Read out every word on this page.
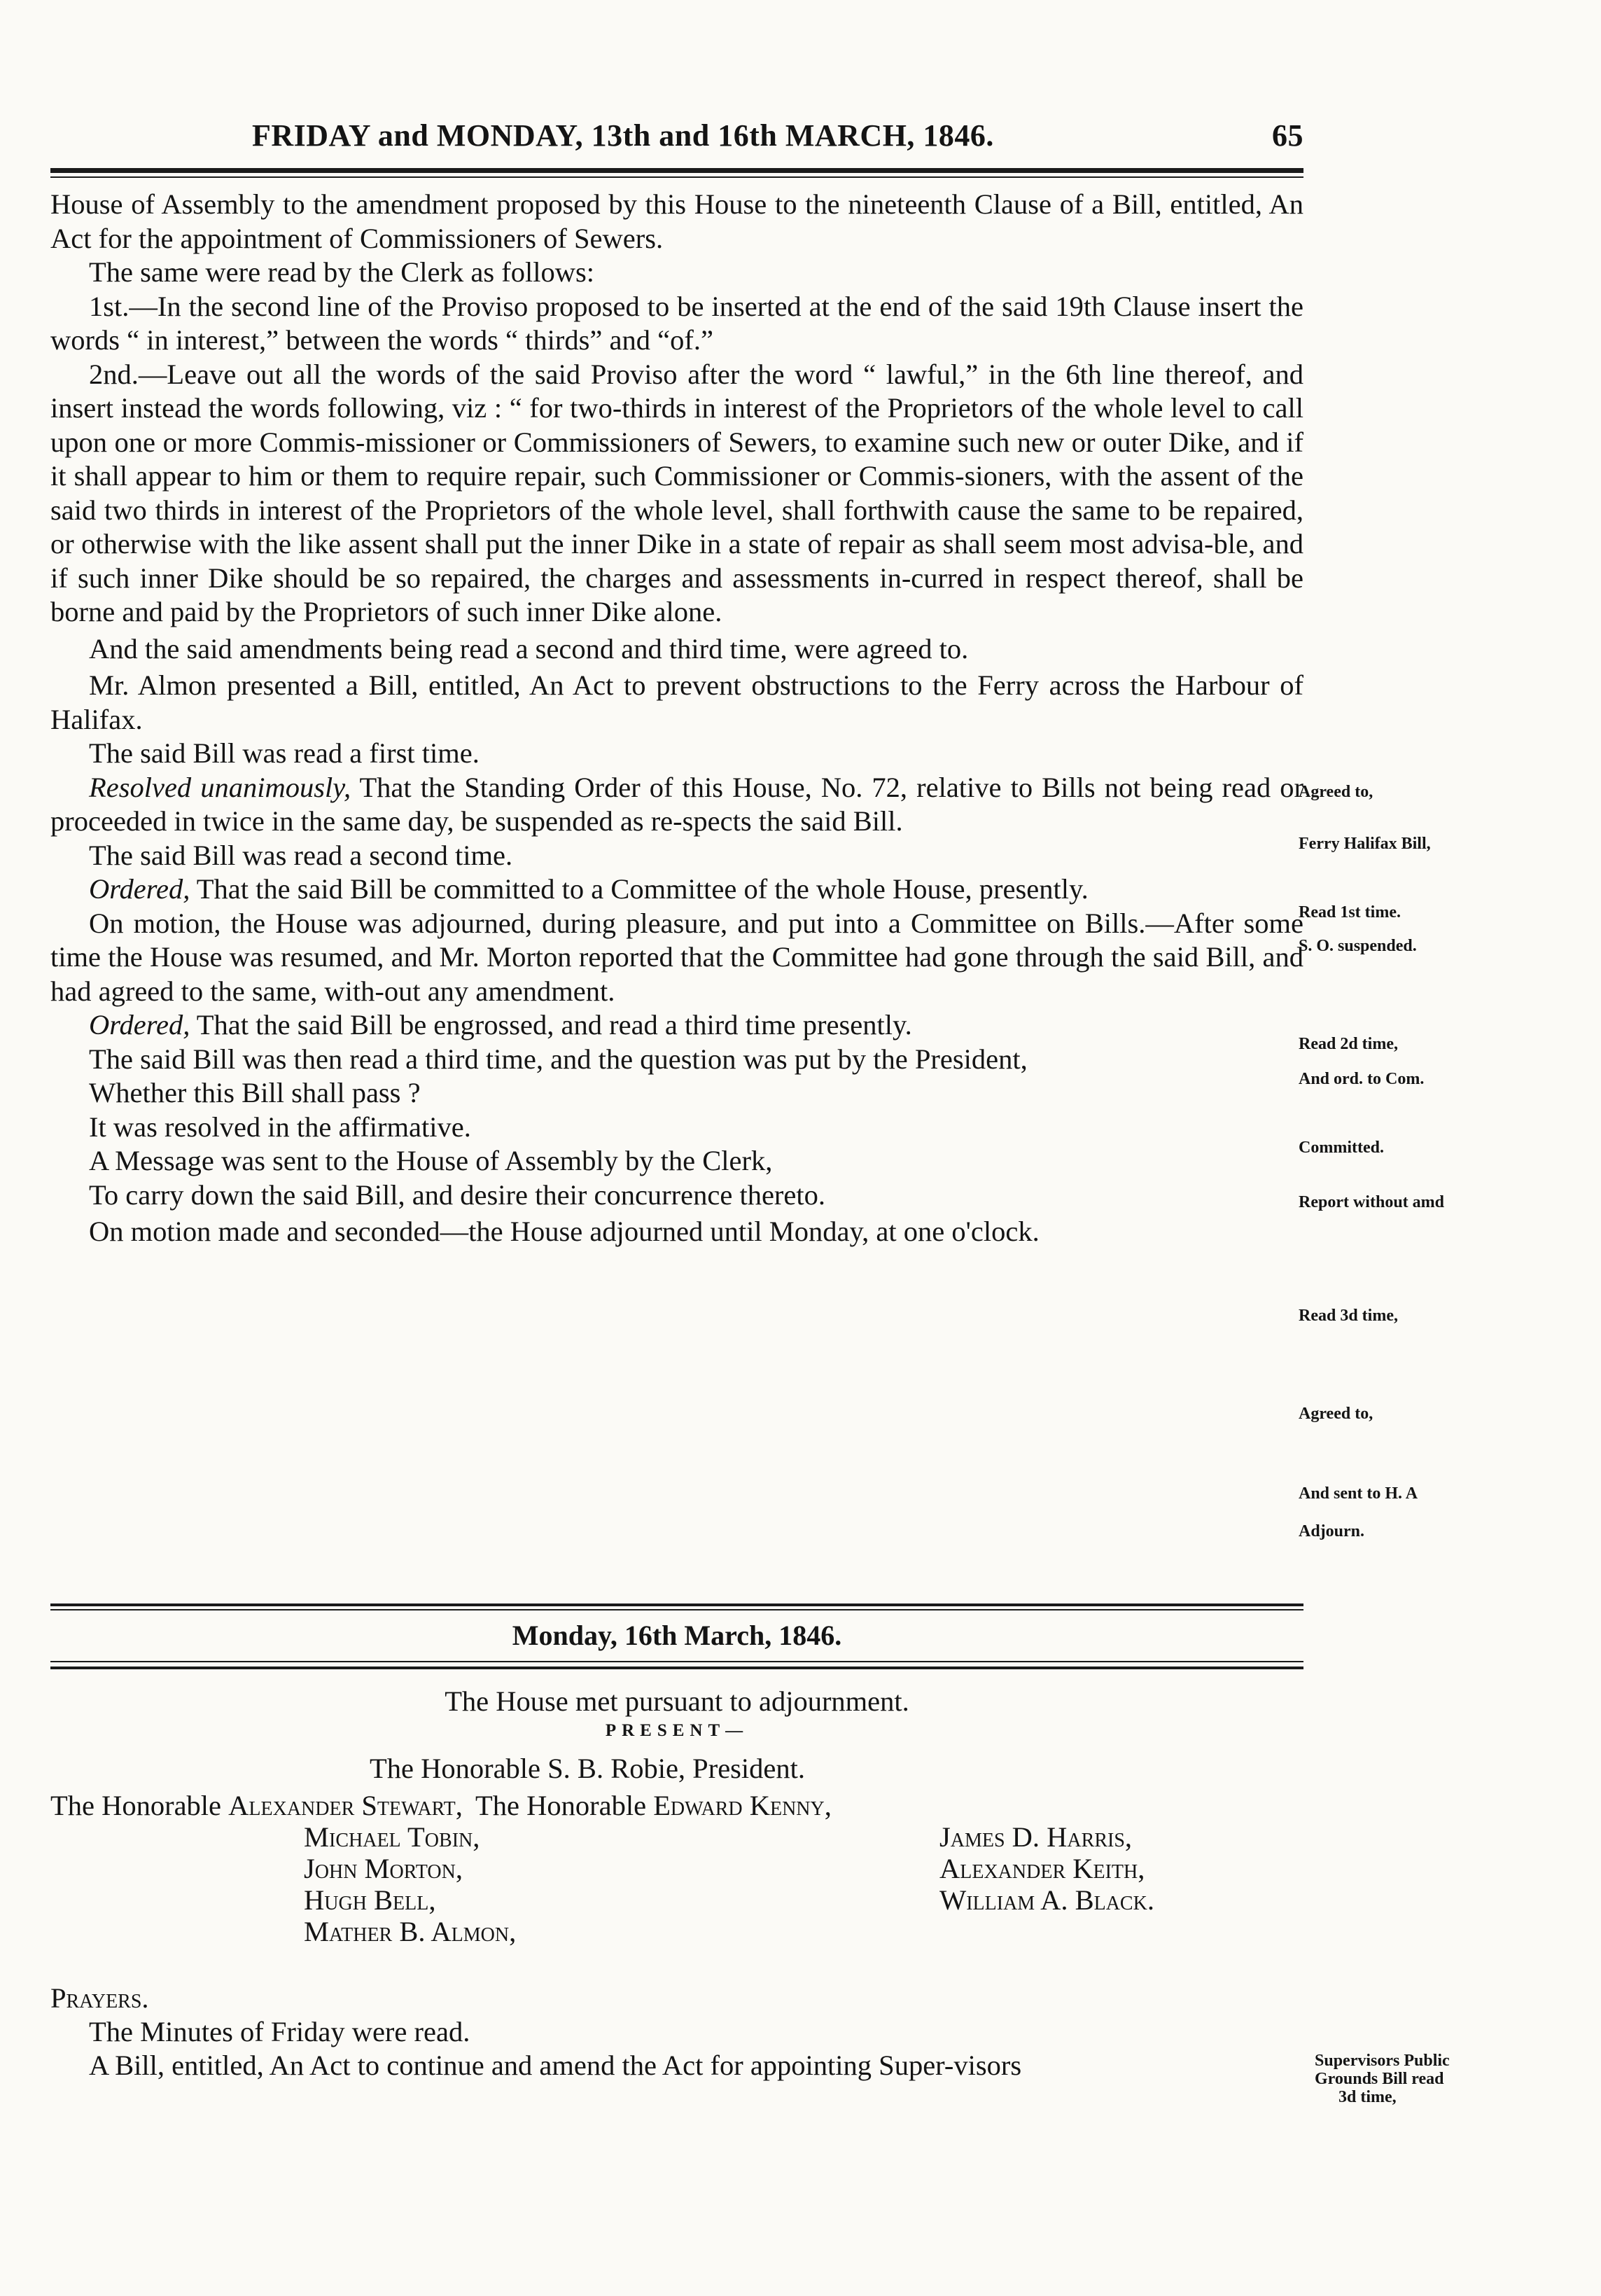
FRIDAY and MONDAY, 13th and 16th MARCH, 1846.	65

House of Assembly to the amendment proposed by this House to the nineteenth Clause of a Bill, entitled, An Act for the appointment of Commissioners of Sewers.

The same were read by the Clerk as follows:

1st.—In the second line of the Proviso proposed to be inserted at the end of the said 19th Clause insert the words “ in interest,” between the words “ thirds” and “of.”

2nd.—Leave out all the words of the said Proviso after the word “ lawful,” in the 6th line thereof, and insert instead the words following, viz : “ for two-thirds in interest of the Proprietors of the whole level to call upon one or more Commis-missioner or Commissioners of Sewers, to examine such new or outer Dike, and if it shall appear to him or them to require repair, such Commissioner or Commis-sioners, with the assent of the said two thirds in interest of the Proprietors of the whole level, shall forthwith cause the same to be repaired, or otherwise with the like assent shall put the inner Dike in a state of repair as shall seem most advisa-ble, and if such inner Dike should be so repaired, the charges and assessments in-curred in respect thereof, shall be borne and paid by the Proprietors of such inner Dike alone.

And the said amendments being read a second and third time, were agreed to.

Mr. Almon presented a Bill, entitled, An Act to prevent obstructions to the Ferry across the Harbour of Halifax.

The said Bill was read a first time.

Resolved unanimously, That the Standing Order of this House, No. 72, relative to Bills not being read or proceeded in twice in the same day, be suspended as re-spects the said Bill.

The said Bill was read a second time.

Ordered, That the said Bill be committed to a Committee of the whole House, presently.

On motion, the House was adjourned, during pleasure, and put into a Committee on Bills.—After some time the House was resumed, and Mr. Morton reported that the Committee had gone through the said Bill, and had agreed to the same, with-out any amendment.

Ordered, That the said Bill be engrossed, and read a third time presently.

The said Bill was then read a third time, and the question was put by the President,

Whether this Bill shall pass ?

It was resolved in the affirmative.

A Message was sent to the House of Assembly by the Clerk,

To carry down the said Bill, and desire their concurrence thereto.

On motion made and seconded—the House adjourned until Monday, at one o'clock.

Agreed to,
Ferry Halifax Bill,
Read 1st time.
S. O. suspended.
Read 2d time,
And ord. to Com.
Committed.
Report without amd
Read 3d time,
Agreed to,
And sent to H. A
Adjourn.
Monday, 16th March, 1846.
The House met pursuant to adjournment.
PRESENT—
The Honorable S. B. Robie, President.
The Honorable Alexander Stewart, The Honorable Edward Kenny,
Michael Tobin,
John Morton,
Hugh Bell,
Mather B. Almon,
James D. Harris,
Alexander Keith,
William A. Black.
Prayers.
The Minutes of Friday were read.
A Bill, entitled, An Act to continue and amend the Act for appointing Super-visors	Supervisors Public
Grounds Bill read
3d time,
